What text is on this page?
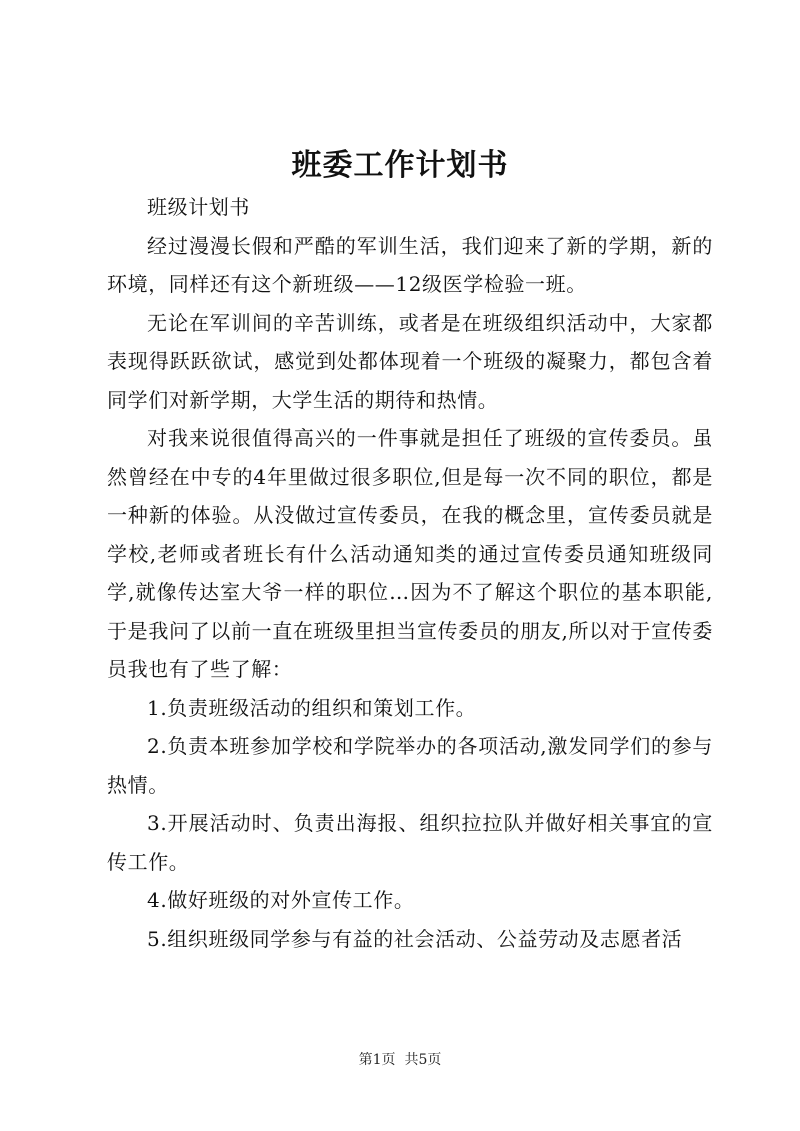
班委工作计划书

班级计划书

经过漫漫长假和严酷的军训生活，我们迎来了新的学期，新的环境，同样还有这个新班级——12级医学检验一班。

无论在军训间的辛苦训练，或者是在班级组织活动中，大家都表现得跃跃欲试，感觉到处都体现着一个班级的凝聚力，都包含着同学们对新学期，大学生活的期待和热情。

对我来说很值得高兴的一件事就是担任了班级的宣传委员。虽然曾经在中专的4年里做过很多职位,但是每一次不同的职位，都是一种新的体验。从没做过宣传委员，在我的概念里，宣传委员就是学校,老师或者班长有什么活动通知类的通过宣传委员通知班级同学,就像传达室大爷一样的职位…因为不了解这个职位的基本职能,于是我问了以前一直在班级里担当宣传委员的朋友,所以对于宣传委员我也有了些了解：

1.负责班级活动的组织和策划工作。

2.负责本班参加学校和学院举办的各项活动,激发同学们的参与热情。

3.开展活动时、负责出海报、组织拉拉队并做好相关事宜的宣传工作。

4.做好班级的对外宣传工作。

5.组织班级同学参与有益的社会活动、公益劳动及志愿者活

第1页 共5页
